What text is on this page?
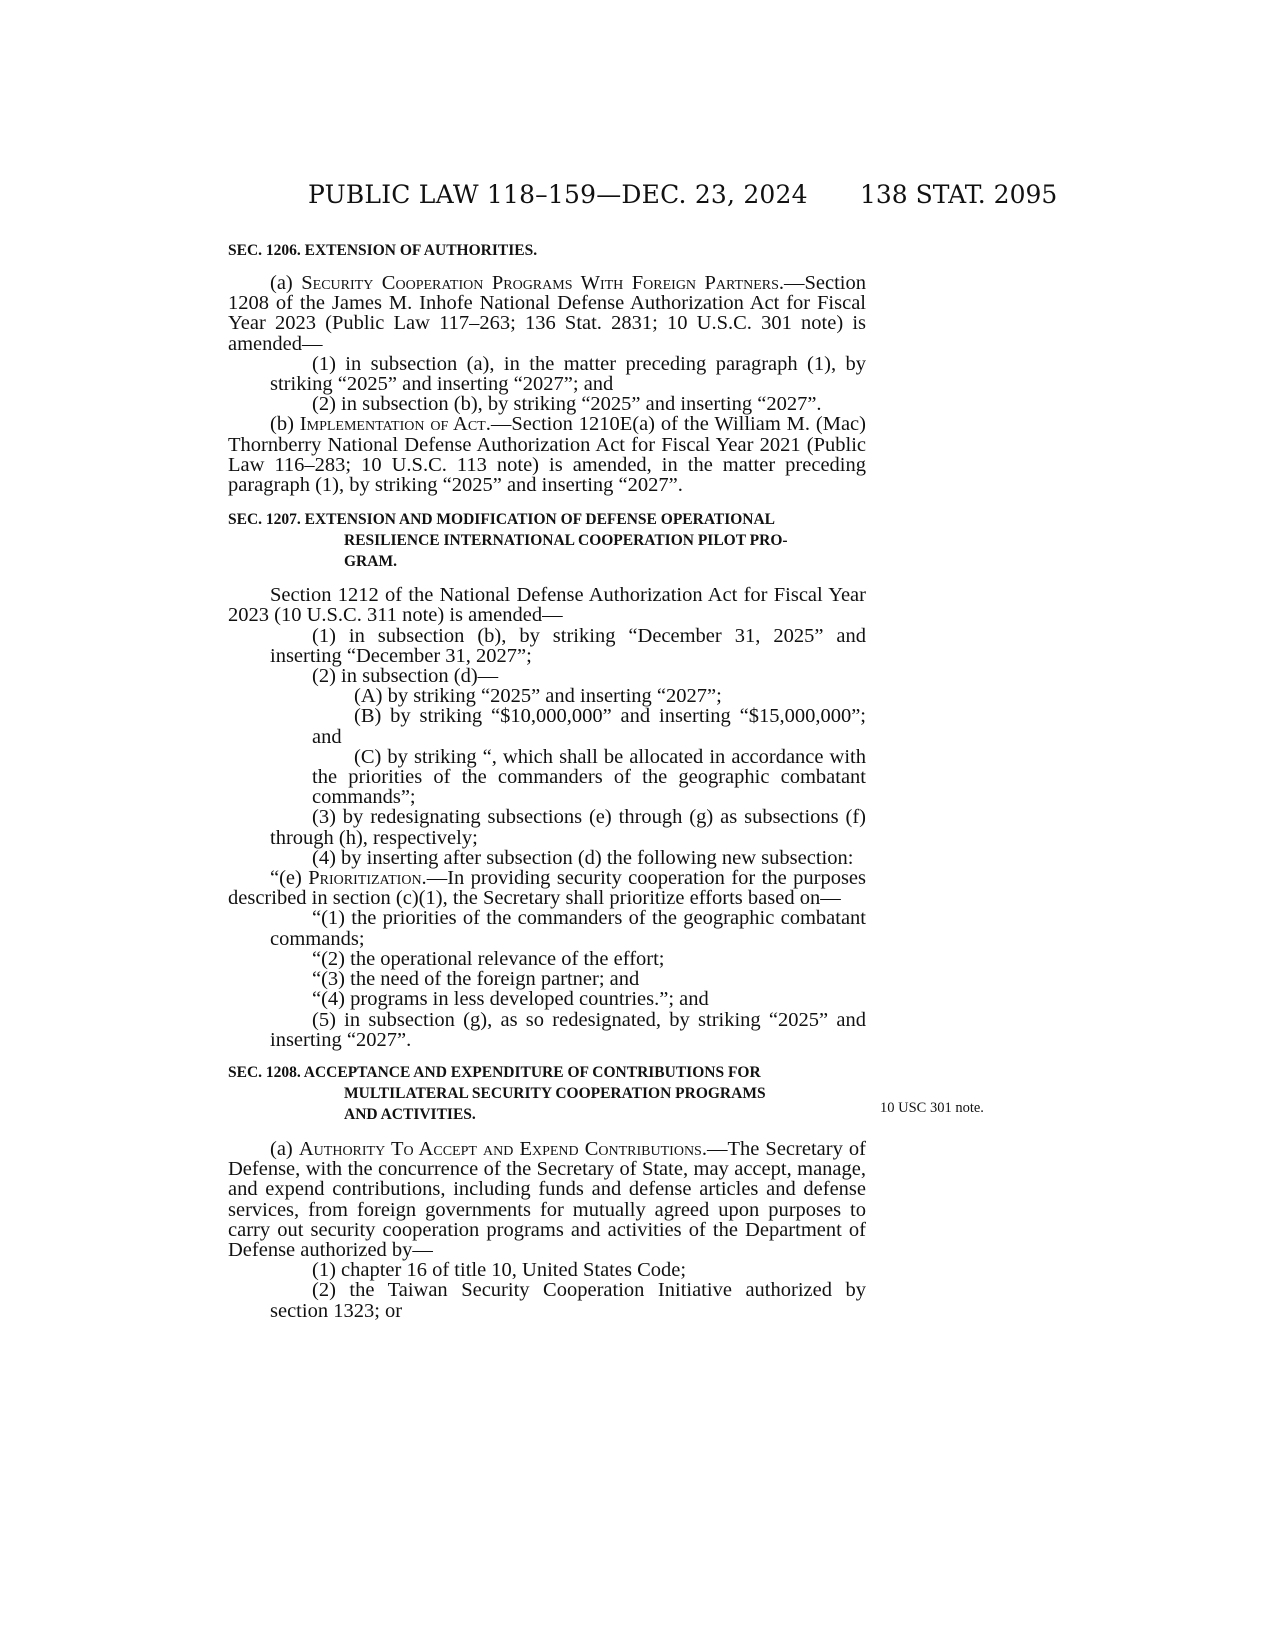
PUBLIC LAW 118–159—DEC. 23, 2024 138 STAT. 2095
10 USC 301 note.
SEC. 1206. EXTENSION OF AUTHORITIES.

(a) Security Cooperation Programs With Foreign Partners.—Section 1208 of the James M. Inhofe National Defense Authorization Act for Fiscal Year 2023 (Public Law 117–263; 136 Stat. 2831; 10 U.S.C. 301 note) is amended—

(1) in subsection (a), in the matter preceding paragraph (1), by striking “2025” and inserting “2027”; and

(2) in subsection (b), by striking “2025” and inserting “2027”.

(b) Implementation of Act.—Section 1210E(a) of the William M. (Mac) Thornberry National Defense Authorization Act for Fiscal Year 2021 (Public Law 116–283; 10 U.S.C. 113 note) is amended, in the matter preceding paragraph (1), by striking “2025” and inserting “2027”.

SEC. 1207. EXTENSION AND MODIFICATION OF DEFENSE OPERATIONAL
RESILIENCE INTERNATIONAL COOPERATION PILOT PRO-
GRAM.

Section 1212 of the National Defense Authorization Act for Fiscal Year 2023 (10 U.S.C. 311 note) is amended—

(1) in subsection (b), by striking “December 31, 2025” and inserting “December 31, 2027”;

(2) in subsection (d)—

(A) by striking “2025” and inserting “2027”;

(B) by striking “$10,000,000” and inserting “$15,000,000”; and

(C) by striking “, which shall be allocated in accordance with the priorities of the commanders of the geographic combatant commands”;

(3) by redesignating subsections (e) through (g) as subsections (f) through (h), respectively;

(4) by inserting after subsection (d) the following new subsection:

“(e) Prioritization.—In providing security cooperation for the purposes described in section (c)(1), the Secretary shall prioritize efforts based on—

“(1) the priorities of the commanders of the geographic combatant commands;

“(2) the operational relevance of the effort;

“(3) the need of the foreign partner; and

“(4) programs in less developed countries.”; and

(5) in subsection (g), as so redesignated, by striking “2025” and inserting “2027”.

SEC. 1208. ACCEPTANCE AND EXPENDITURE OF CONTRIBUTIONS FOR
MULTILATERAL SECURITY COOPERATION PROGRAMS
AND ACTIVITIES.

(a) Authority To Accept and Expend Contributions.—The Secretary of Defense, with the concurrence of the Secretary of State, may accept, manage, and expend contributions, including funds and defense articles and defense services, from foreign governments for mutually agreed upon purposes to carry out security cooperation programs and activities of the Department of Defense authorized by—

(1) chapter 16 of title 10, United States Code;

(2) the Taiwan Security Cooperation Initiative authorized by section 1323; or
